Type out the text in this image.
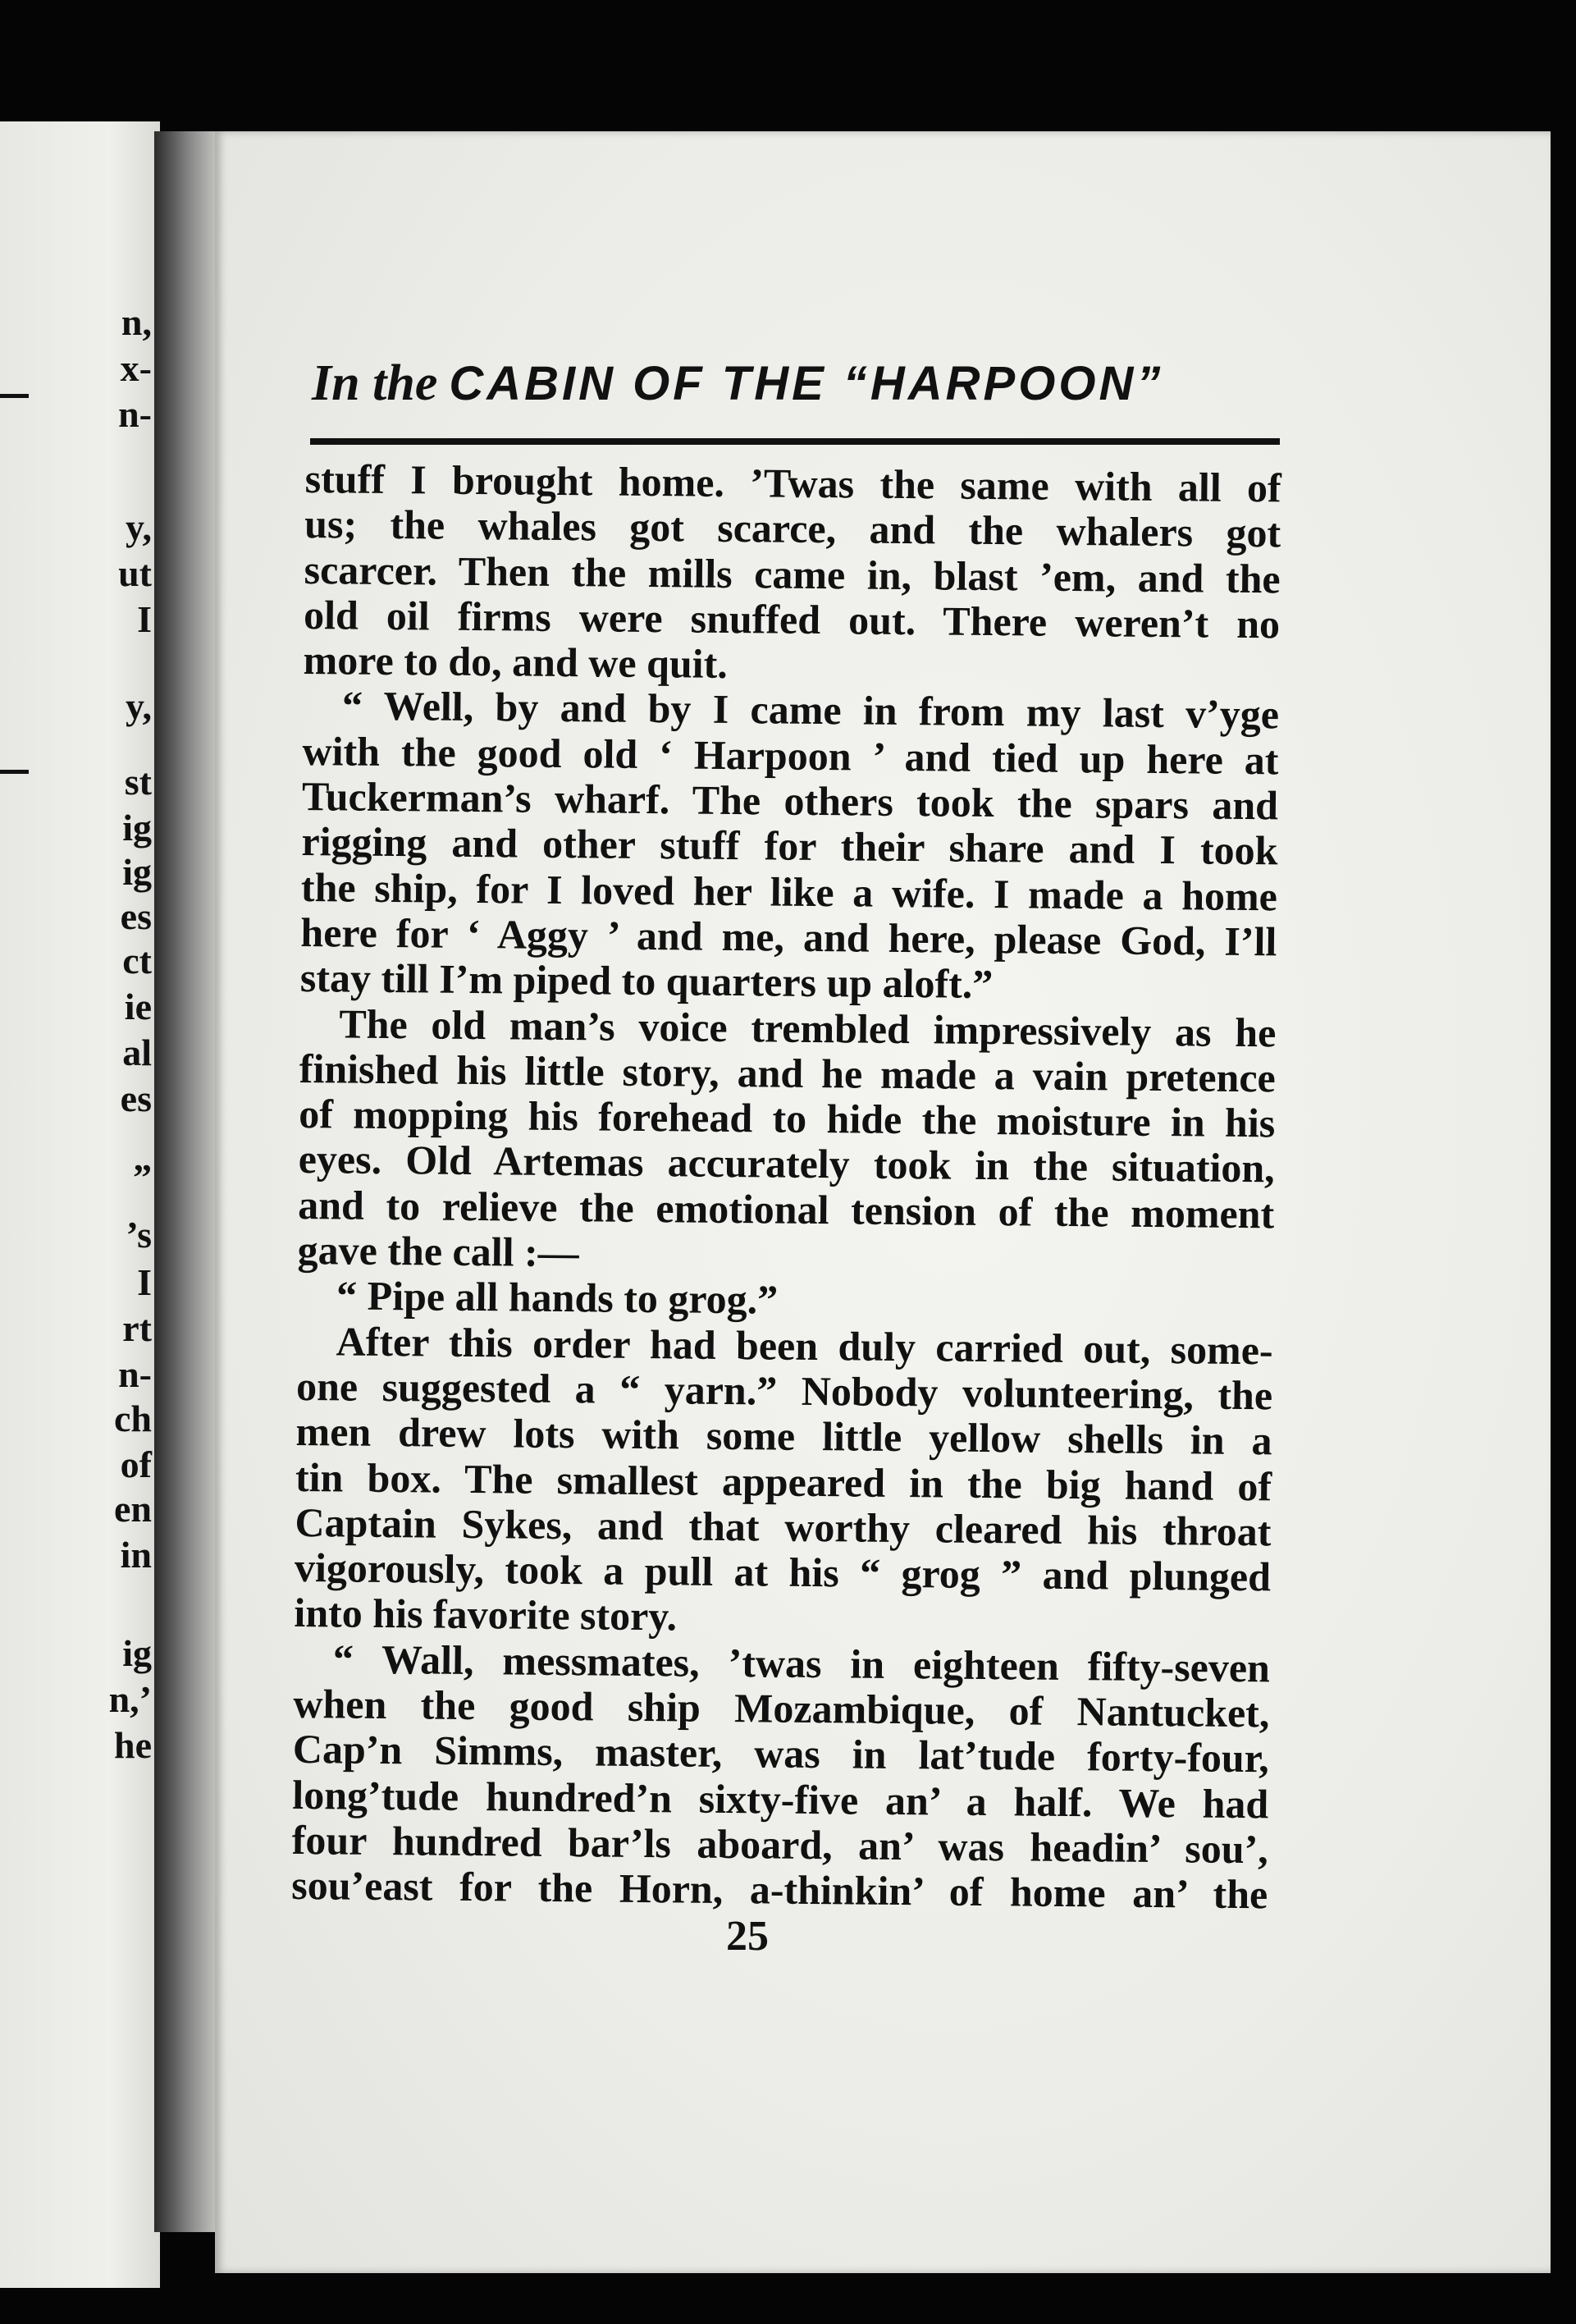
n,
x-
n-
y,
ut
I
y,
st
ig
ig
es
ct
ie
al
es
”
’s
I
rt
n-
ch
of
en
in
ig
n,’
he
In the CABIN OF THE “HARPOON”
stuff I brought home. ’Twas the same with all of
us; the whales got scarce, and the whalers got
scarcer. Then the mills came in, blast ’em, and the
old oil firms were snuffed out. There weren’t no
more to do, and we quit.
“ Well, by and by I came in from my last v’yge
with the good old ‘ Harpoon ’ and tied up here at
Tuckerman’s wharf. The others took the spars and
rigging and other stuff for their share and I took
the ship, for I loved her like a wife. I made a home
here for ‘ Aggy ’ and me, and here, please God, I’ll
stay till I’m piped to quarters up aloft.”
The old man’s voice trembled impressively as he
finished his little story, and he made a vain pretence
of mopping his forehead to hide the moisture in his
eyes. Old Artemas accurately took in the situation,
and to relieve the emotional tension of the moment
gave the call :—
“ Pipe all hands to grog.”
After this order had been duly carried out, some-
one suggested a “ yarn.” Nobody volunteering, the
men drew lots with some little yellow shells in a
tin box. The smallest appeared in the big hand of
Captain Sykes, and that worthy cleared his throat
vigorously, took a pull at his “ grog ” and plunged
into his favorite story.
“ Wall, messmates, ’twas in eighteen fifty-seven
when the good ship Mozambique, of Nantucket,
Cap’n Simms, master, was in lat’tude forty-four,
long’tude hundred’n sixty-five an’ a half. We had
four hundred bar’ls aboard, an’ was headin’ sou’,
sou’east for the Horn, a-thinkin’ of home an’ the
25
